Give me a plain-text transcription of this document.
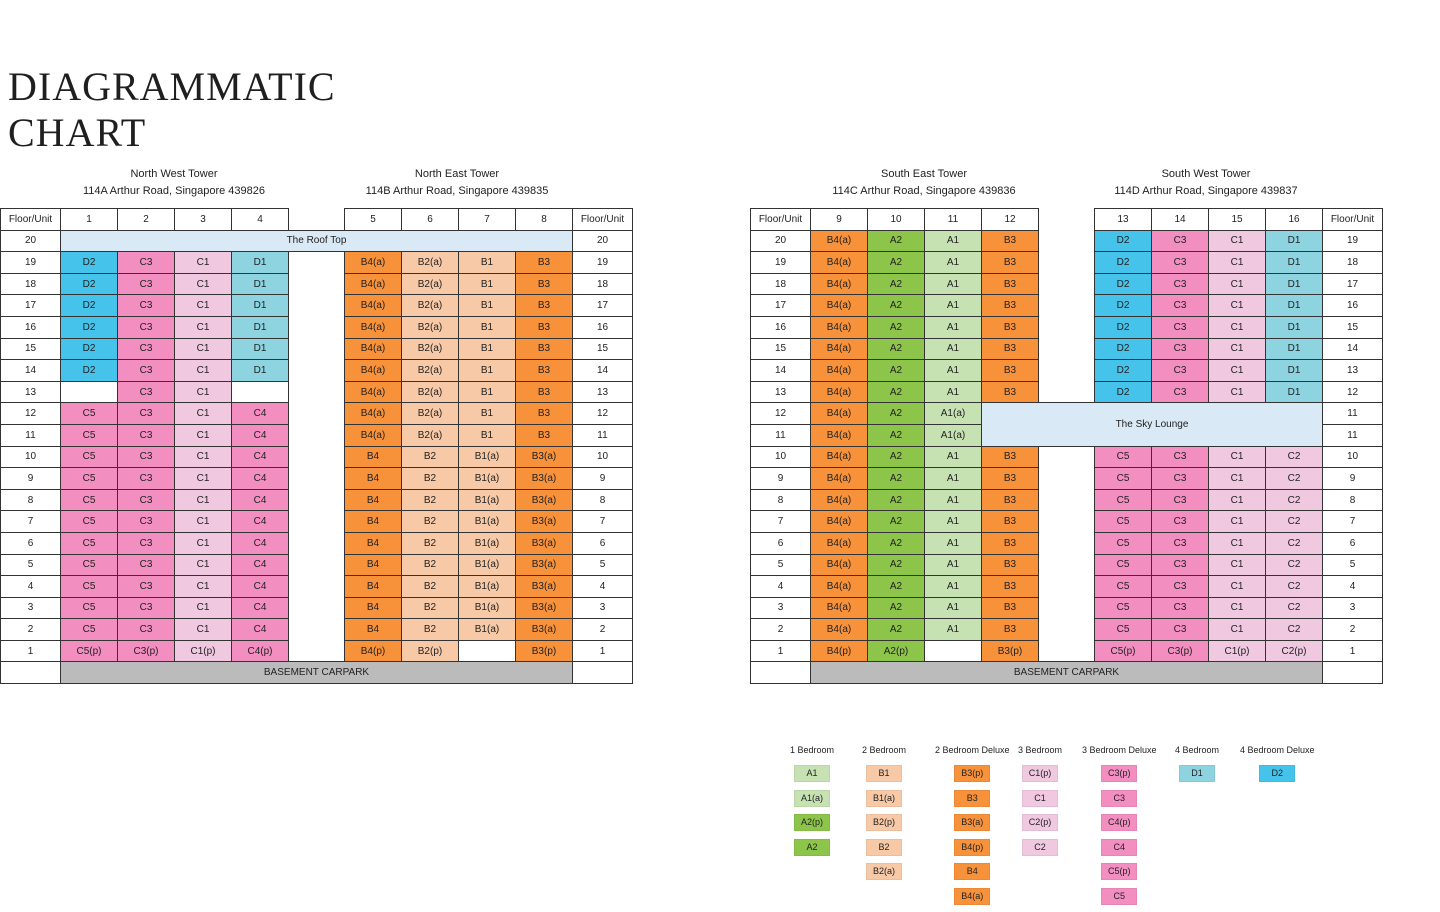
DIAGRAMMATIC
CHART
North West Tower
114A Arthur Road, Singapore 439826
North East Tower
114B Arthur Road, Singapore 439835
South East Tower
114C Arthur Road, Singapore 439836
South West Tower
114D Arthur Road, Singapore 439837
Floor/Unit	1	2	3	4		5	6	7	8	Floor/Unit
20	The Roof Top									20
19	D2	C3	C1	D1		B4(a)	B2(a)	B1	B3	19
18	D2	C3	C1	D1		B4(a)	B2(a)	B1	B3	18
17	D2	C3	C1	D1		B4(a)	B2(a)	B1	B3	17
16	D2	C3	C1	D1		B4(a)	B2(a)	B1	B3	16
15	D2	C3	C1	D1		B4(a)	B2(a)	B1	B3	15
14	D2	C3	C1	D1		B4(a)	B2(a)	B1	B3	14
13		C3	C1			B4(a)	B2(a)	B1	B3	13
12	C5	C3	C1	C4		B4(a)	B2(a)	B1	B3	12
11	C5	C3	C1	C4		B4(a)	B2(a)	B1	B3	11
10	C5	C3	C1	C4		B4	B2	B1(a)	B3(a)	10
9	C5	C3	C1	C4		B4	B2	B1(a)	B3(a)	9
8	C5	C3	C1	C4		B4	B2	B1(a)	B3(a)	8
7	C5	C3	C1	C4		B4	B2	B1(a)	B3(a)	7
6	C5	C3	C1	C4		B4	B2	B1(a)	B3(a)	6
5	C5	C3	C1	C4		B4	B2	B1(a)	B3(a)	5
4	C5	C3	C1	C4		B4	B2	B1(a)	B3(a)	4
3	C5	C3	C1	C4		B4	B2	B1(a)	B3(a)	3
2	C5	C3	C1	C4		B4	B2	B1(a)	B3(a)	2
1	C5(p)	C3(p)	C1(p)	C4(p)		B4(p)	B2(p)		B3(p)	1
	BASEMENT CARPARK									
Floor/Unit	9	10	11	12		13	14	15	16	Floor/Unit
20	B4(a)	A2	A1	B3		D2	C3	C1	D1	19
19	B4(a)	A2	A1	B3		D2	C3	C1	D1	18
18	B4(a)	A2	A1	B3		D2	C3	C1	D1	17
17	B4(a)	A2	A1	B3		D2	C3	C1	D1	16
16	B4(a)	A2	A1	B3		D2	C3	C1	D1	15
15	B4(a)	A2	A1	B3		D2	C3	C1	D1	14
14	B4(a)	A2	A1	B3		D2	C3	C1	D1	13
13	B4(a)	A2	A1	B3		D2	C3	C1	D1	12
12	B4(a)	A2	A1(a)	The Sky Lounge						11
11	B4(a)	A2	A1(a)							11
10	B4(a)	A2	A1	B3		C5	C3	C1	C2	10
9	B4(a)	A2	A1	B3		C5	C3	C1	C2	9
8	B4(a)	A2	A1	B3		C5	C3	C1	C2	8
7	B4(a)	A2	A1	B3		C5	C3	C1	C2	7
6	B4(a)	A2	A1	B3		C5	C3	C1	C2	6
5	B4(a)	A2	A1	B3		C5	C3	C1	C2	5
4	B4(a)	A2	A1	B3		C5	C3	C1	C2	4
3	B4(a)	A2	A1	B3		C5	C3	C1	C2	3
2	B4(a)	A2	A1	B3		C5	C3	C1	C2	2
1	B4(p)	A2(p)		B3(p)		C5(p)	C3(p)	C1(p)	C2(p)	1
	BASEMENT CARPARK									
1 Bedroom
A1
A1(a)
A2(p)
A2
2 Bedroom
B1
B1(a)
B2(p)
B2
B2(a)
2 Bedroom Deluxe
B3(p)
B3
B3(a)
B4(p)
B4
B4(a)
3 Bedroom
C1(p)
C1
C2(p)
C2
3 Bedroom Deluxe
C3(p)
C3
C4(p)
C4
C5(p)
C5
4 Bedroom
D1
4 Bedroom Deluxe
D2
